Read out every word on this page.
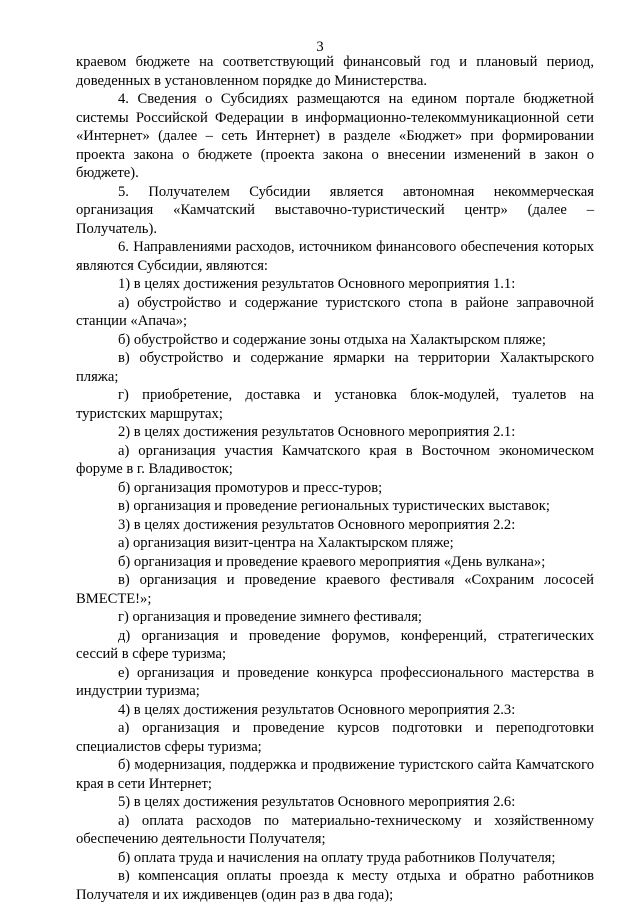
3

краевом бюджете на соответствующий финансовый год и плановый период, доведенных в установленном порядке до Министерства.

4. Сведения о Субсидиях размещаются на едином портале бюджетной системы Российской Федерации в информационно-телекоммуникационной сети «Интернет» (далее – сеть Интернет) в разделе «Бюджет» при формировании проекта закона о бюджете (проекта закона о внесении изменений в закон о бюджете).

5. Получателем Субсидии является автономная некоммерческая организация «Камчатский выставочно-туристический центр» (далее – Получатель).

6. Направлениями расходов, источником финансового обеспечения которых являются Субсидии, являются:

1) в целях достижения результатов Основного мероприятия 1.1:

а) обустройство и содержание туристского стопа в районе заправочной станции «Апача»;

б) обустройство и содержание зоны отдыха на Халактырском пляже;

в) обустройство и содержание ярмарки на территории Халактырского пляжа;

г) приобретение, доставка и установка блок-модулей, туалетов на туристских маршрутах;

2) в целях достижения результатов Основного мероприятия 2.1:

а) организация участия Камчатского края в Восточном экономическом форуме в г. Владивосток;

б) организация промотуров и пресс-туров;

в) организация и проведение региональных туристических выставок;

3) в целях достижения результатов Основного мероприятия 2.2:

а) организация визит-центра на Халактырском пляже;

б) организация и проведение краевого мероприятия «День вулкана»;

в) организация и проведение краевого фестиваля «Сохраним лососей ВМЕСТЕ!»;

г) организация и проведение зимнего фестиваля;

д) организация и проведение форумов, конференций, стратегических сессий в сфере туризма;

е) организация и проведение конкурса профессионального мастерства в индустрии туризма;

4) в целях достижения результатов Основного мероприятия 2.3:

а) организация и проведение курсов подготовки и переподготовки специалистов сферы туризма;

б) модернизация, поддержка и продвижение туристского сайта Камчатского края в сети Интернет;

5) в целях достижения результатов Основного мероприятия 2.6:

а) оплата расходов по материально-техническому и хозяйственному обеспечению деятельности Получателя;

б) оплата труда и начисления на оплату труда работников Получателя;

в) компенсация оплаты проезда к месту отдыха и обратно работников Получателя и их иждивенцев (один раз в два года);
